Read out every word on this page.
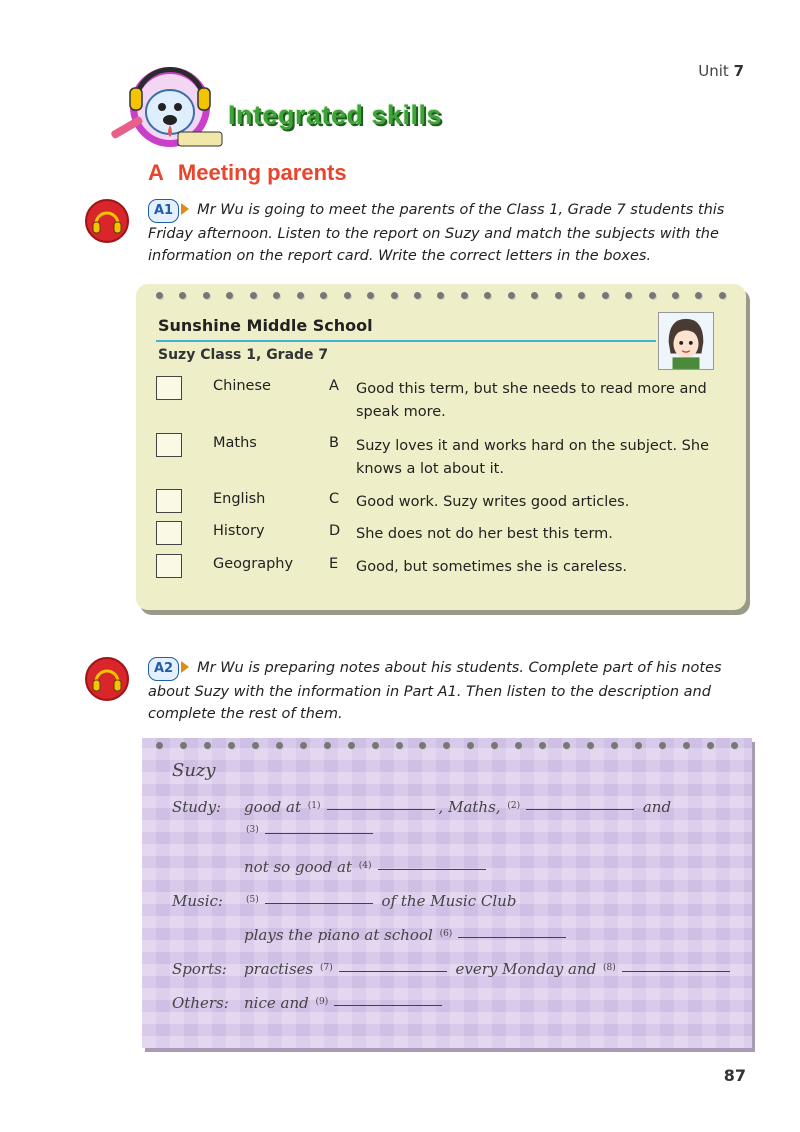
Unit 7
Integrated skills
A Meeting parents
A1 Mr Wu is going to meet the parents of the Class 1, Grade 7 students this Friday afternoon. Listen to the report on Suzy and match the subjects with the information on the report card. Write the correct letters in the boxes.
Sunshine Middle School
Suzy Class 1, Grade 7
Chinese	A Good this term, but she needs to read more and speak more.
Maths	B Suzy loves it and works hard on the subject. She knows a lot about it.
English	C Good work. Suzy writes good articles.
History	D She does not do her best this term.
Geography E Good, but sometimes she is careless.
A2 Mr Wu is preparing notes about his students. Complete part of his notes about Suzy with the information in Part A1. Then listen to the description and complete the rest of them.
Suzy
Study: good at $^{(1)}$	, Maths, $^{(2)}$	and
$^{(3)}$
not so good at $^{(4)}$
Music:	$^{(5)}$	of the Music Club
plays the piano at school $^{(6)}$
Sports: practises $^{(7)}$	every Monday and $^{(8)}$
Others: nice and $^{(9)}$
87
